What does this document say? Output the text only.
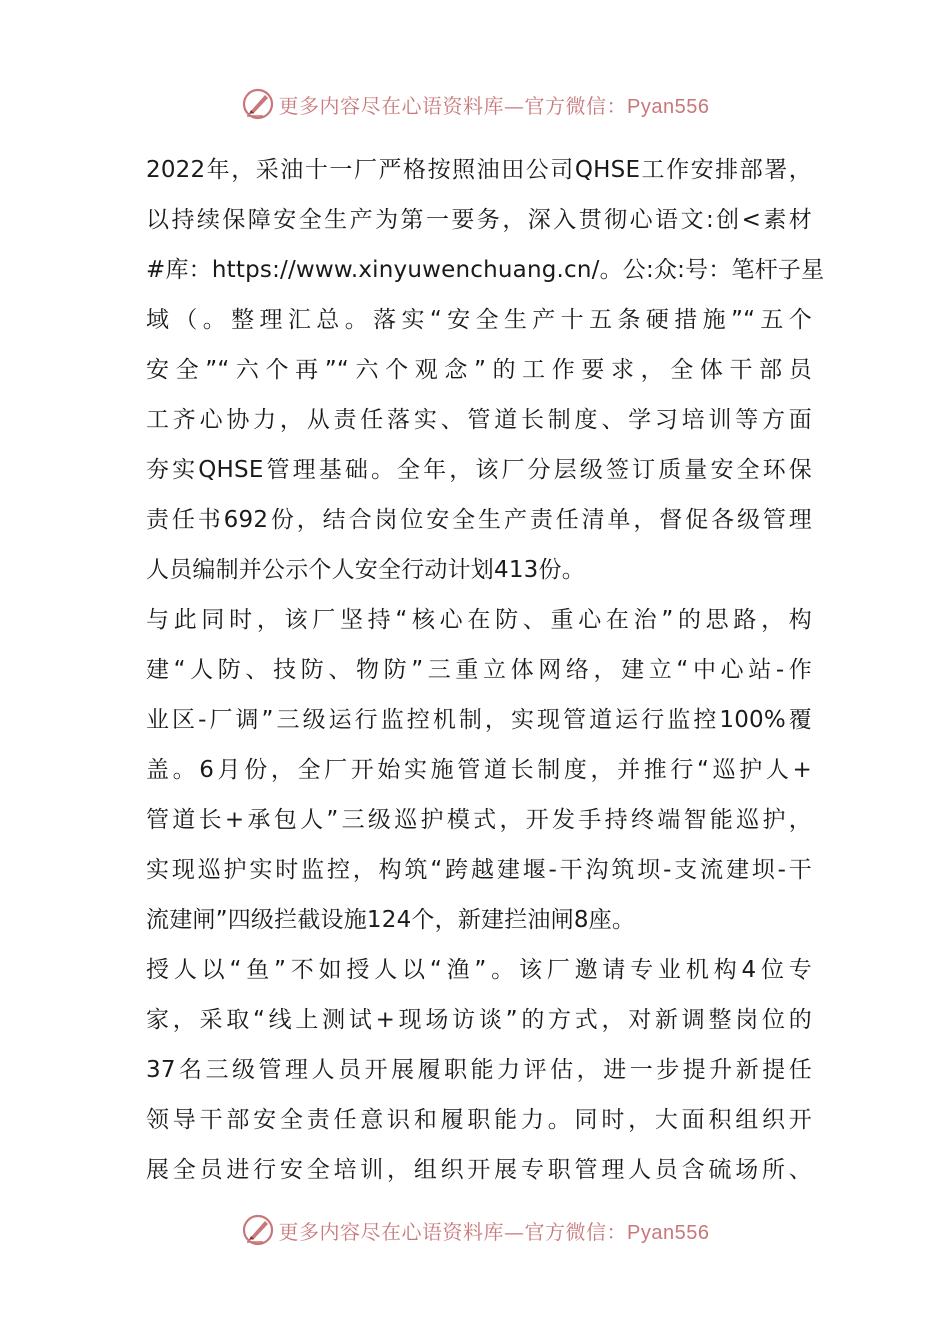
更多内容尽在心语资料库—官方微信：Pyan556
2022年，采油十一厂严格按照油田公司QHSE工作安排部署，
以持续保障安全生产为第一要务，深入贯彻心语文:创<素材
#库：https://www.xinyuwenchuang.cn/。公:众:号：笔杆子星
域（。整理汇总。落实“安全生产十五条硬措施”“五个
安全”“六个再”“六个观念”的工作要求，全体干部员
工齐心协力，从责任落实、管道长制度、学习培训等方面
夯实QHSE管理基础。全年，该厂分层级签订质量安全环保
责任书692份，结合岗位安全生产责任清单，督促各级管理
人员编制并公示个人安全行动计划413份。
与此同时，该厂坚持“核心在防、重心在治”的思路，构
建“人防、技防、物防”三重立体网络，建立“中心站-作
业区-厂调”三级运行监控机制，实现管道运行监控100%覆
盖。6月份，全厂开始实施管道长制度，并推行“巡护人+
管道长+承包人”三级巡护模式，开发手持终端智能巡护，
实现巡护实时监控，构筑“跨越建堰-干沟筑坝-支流建坝-干
流建闸”四级拦截设施124个，新建拦油闸8座。
授人以“鱼”不如授人以“渔”。该厂邀请专业机构4位专
家，采取“线上测试+现场访谈”的方式，对新调整岗位的
37名三级管理人员开展履职能力评估，进一步提升新提任
领导干部安全责任意识和履职能力。同时，大面积组织开
展全员进行安全培训，组织开展专职管理人员含硫场所、
更多内容尽在心语资料库—官方微信：Pyan556
